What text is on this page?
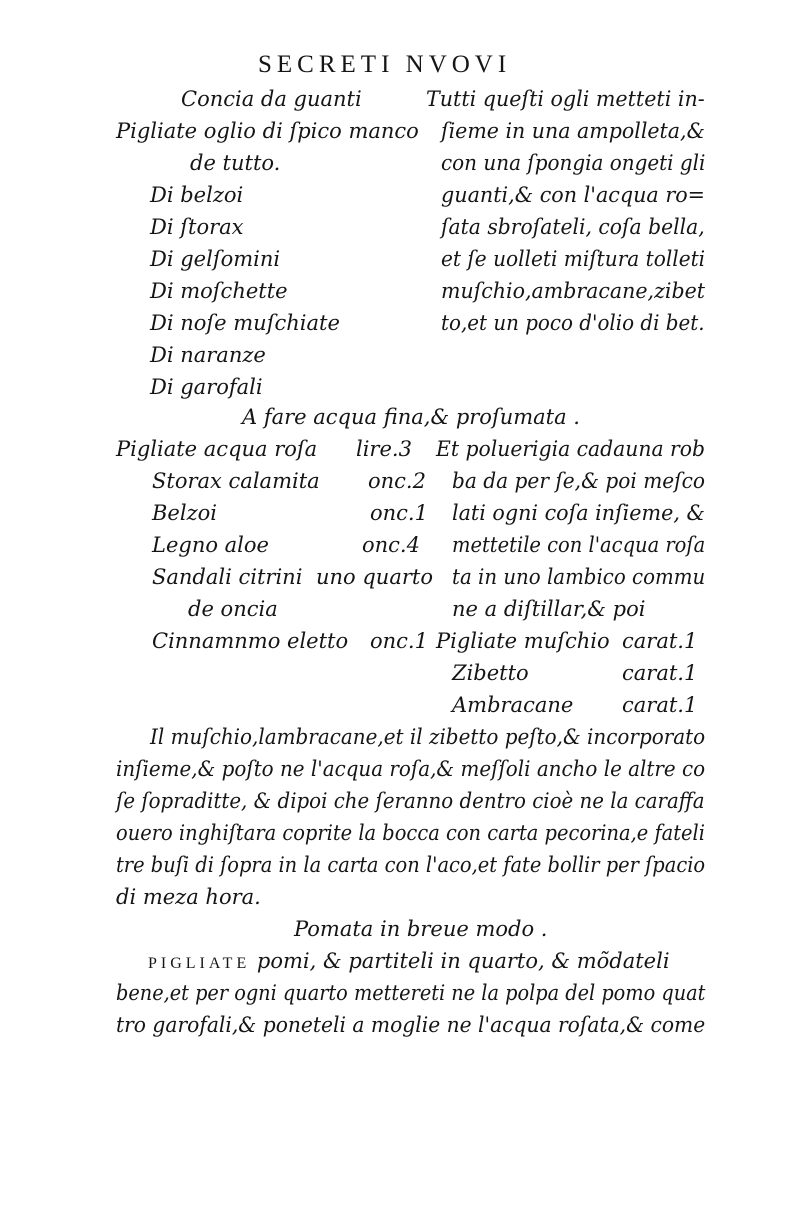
SECRETI NVOVI
Concia da guanti
Pigliate oglio di ſpico manco
de tutto.
Di belzoi
Di ſtorax
Di gelſomini
Di moſchette
Di noſe muſchiate
Di naranze
Di garofali
Tutti queſti ogli metteti in-
ſieme in una ampolleta,&
con una ſpongia ongeti gli
guanti,& con l'acqua ro=
ſata sbroſateli, coſa bella,
et ſe uolleti miſtura tolleti
muſchio,ambracane,zibet
to,et un poco d'olio di bet.
A fare acqua fina,& proſumata .
Pigliate acqua roſa lire.3
Storax calamita onc.2
Belzoi	onc.1
Legno aloe	onc.4
Sandali citrini uno quarto
de oncia
Cinnamnmo eletto onc.1
Et poluerigia cadauna rob
ba da per ſe,& poi meſco
lati ogni coſa inſieme, &
mettetile con l'acqua roſa
ta in uno lambico commu
ne a diſtillar,& poi
Pigliate muſchio carat.1
Zibetto	carat.1
Ambracane carat.1
Il muſchio,lambracane,et il zibetto peſto,& incorporato
inſieme,& poſto ne l'acqua roſa,& meſſoli ancho le altre co
ſe ſopraditte, & dipoi che ſeranno dentro cioè ne la caraffa
ouero inghiſtara coprite la bocca con carta pecorina,e fateli
tre buſi di ſopra in la carta con l'aco,et fate bollir per ſpacio
di meza hora.
Pomata in breue modo .
PIGLIATE pomi, & partiteli in quarto, & mõdateli
bene,et per ogni quarto mettereti ne la polpa del pomo quat
tro garofali,& poneteli a moglie ne l'acqua roſata,& come
